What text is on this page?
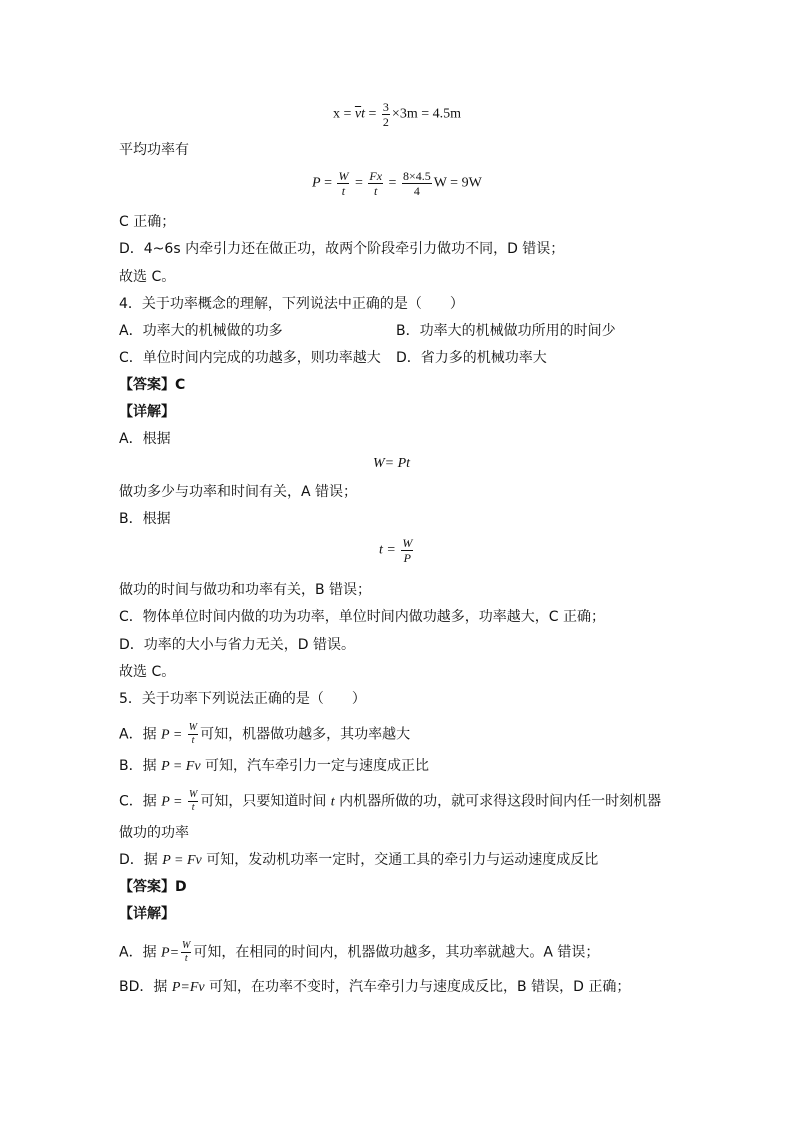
$x = \overline{v}t = \frac{3}{2} \times 3m = 4.5m$
平均功率有
$P = \frac{W}{t} = \frac{Fx}{t} = \frac{8\times 4.5}{4}$ W = 9W
C 正确；
D．4~6s 内牵引力还在做正功，故两个阶段牵引力做功不同，D 错误；
故选 C。
4．关于功率概念的理解，下列说法中正确的是（　　）
A．功率大的机械做的功多	B．功率大的机械做功所用的时间少
C．单位时间内完成的功越多，则功率越大 D．省力多的机械功率大
【答案】C
【详解】
A．根据
W= Pt
做功多少与功率和时间有关，A 错误；
B．根据
$t = \frac{W}{P}$
做功的时间与做功和功率有关，B 错误；
C．物体单位时间内做的功为功率，单位时间内做功越多，功率越大，C 正确；
D．功率的大小与省力无关，D 错误。
故选 C。
5．关于功率下列说法正确的是（　　）
A．据 $P = \frac{W}{t}$ 可知，机器做功越多，其功率越大
B．据 P = Fv 可知，汽车牵引力一定与速度成正比
C．据 $P = \frac{W}{t}$ 可知，只要知道时间 t 内机器所做的功，就可求得这段时间内任一时刻机器
做功的功率
D．据 P = Fv 可知，发动机功率一定时，交通工具的牵引力与运动速度成反比
【答案】D
【详解】
A．据 $P= \frac{W}{t}$ 可知，在相同的时间内，机器做功越多，其功率就越大。A 错误；
BD．据 P=Fv 可知，在功率不变时，汽车牵引力与速度成反比，B 错误，D 正确；
